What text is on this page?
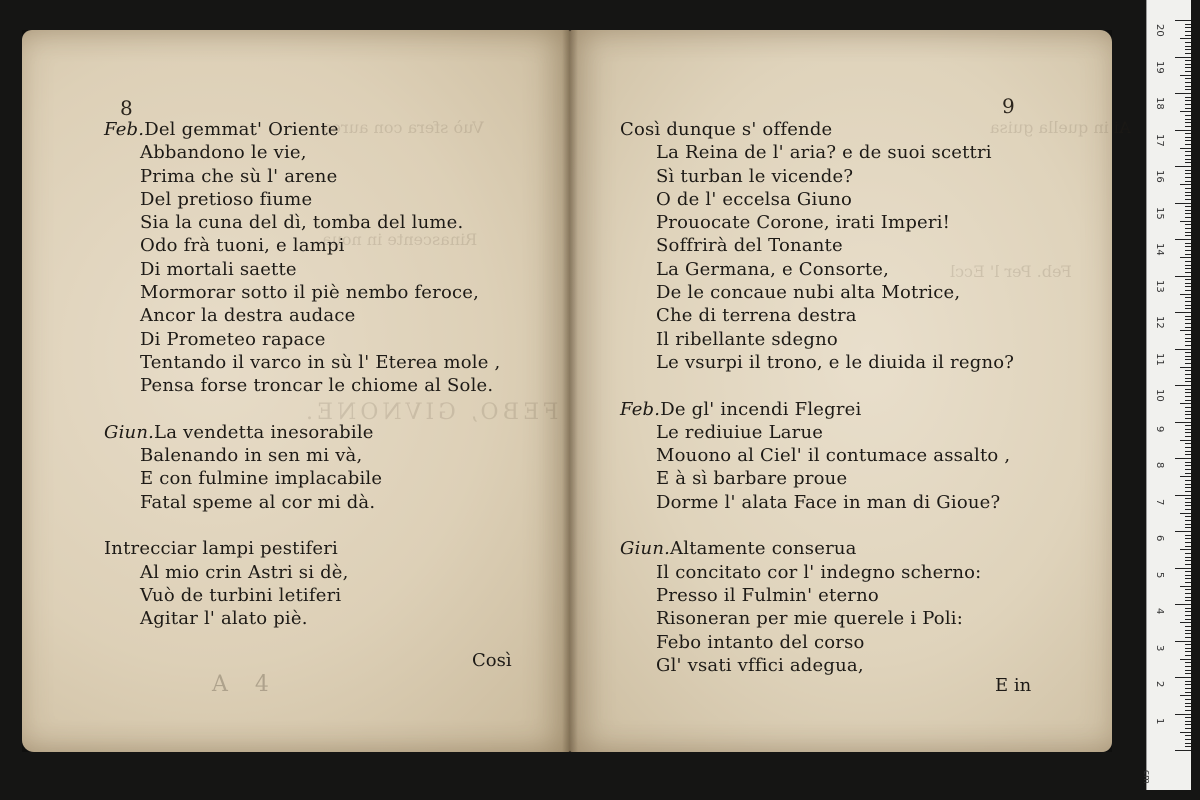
Vuò sfera con aurea
Rinascente in noua
FEBO, GIVNONE.
8
Feb.Del gemmat' Oriente
Abbandono le vie,
Prima che sù l' arene
Del pretioso fiume
Sia la cuna del dì, tomba del lume.
Odo frà tuoni, e lampi
Di mortali saette
Mormorar sotto il piè nembo feroce,
Ancor la destra audace
Di Prometeo rapace
Tentando il varco in sù l' Eterea mole ,
Pensa forse troncar le chiome al Sole.
Giun.La vendetta inesorabile
Balenando in sen mi và,
E con fulmine implacabile
Fatal speme al cor mi dà.
Intrecciar lampi pestiferi
Al mio crin Astri si dè,
Vuò de turbini letiferi
Agitar l' alato piè.
Così
A 4
Ai in quella guisa
Feb. Per l' Eccl
9
Così dunque s' offende
La Reina de l' aria? e de suoi scettri
Sì turban le vicende?
O de l' eccelsa Giuno
Prouocate Corone, irati Imperi!
Soffrirà del Tonante
La Germana, e Consorte,
De le concaue nubi alta Motrice,
Che di terrena destra
Il ribellante sdegno
Le vsurpi il trono, e le diuida il regno?
Feb.De gl' incendi Flegrei
Le rediuiue Larue
Mouono al Ciel' il contumace assalto ,
E à sì barbare proue
Dorme l' alata Face in man di Gioue?
Giun.Altamente conserua
Il concitato cor l' indegno scherno:
Presso il Fulmin' eterno
Risoneran per mie querele i Poli:
Febo intanto del corso
Gl' vsati vffici adegua,
E in
20
19
18
17
16
15
14
13
12
11
10
9
8
7
6
5
4
3
2
1
cm
